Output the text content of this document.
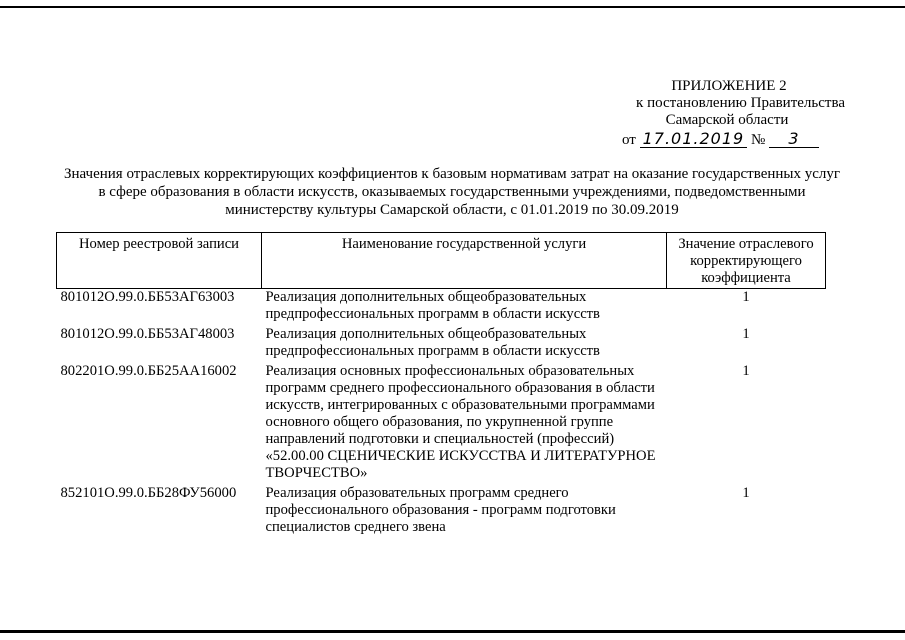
ПРИЛОЖЕНИЕ 2
к постановлению Правительства
Самарской области
от 17.01.2019 № 3
Значения отраслевых корректирующих коэффициентов к базовым нормативам затрат на оказание государственных услуг в сфере образования в области искусств, оказываемых государственными учреждениями, подведомственными министерству культуры Самарской области, с 01.01.2019 по 30.09.2019
Номер реестровой записи	Наименование государственной услуги	Значение отраслевого корректирующего коэффициента
801012О.99.0.ББ53АГ63003	Реализация дополнительных общеобразовательных предпрофессиональных программ в области искусств	1
801012О.99.0.ББ53АГ48003	Реализация дополнительных общеобразовательных предпрофессиональных программ в области искусств	1
802201О.99.0.ББ25АА16002	Реализация основных профессиональных образовательных программ среднего профессионального образования в области искусств, интегрированных с образовательными программами основного общего образования, по укрупненной группе направлений подготовки и специальностей (профессий) «52.00.00 СЦЕНИЧЕСКИЕ ИСКУССТВА И ЛИТЕРАТУРНОЕ ТВОРЧЕСТВО»	1
852101О.99.0.ББ28ФУ56000	Реализация образовательных программ среднего профессионального образования - программ подготовки специалистов среднего звена	1
